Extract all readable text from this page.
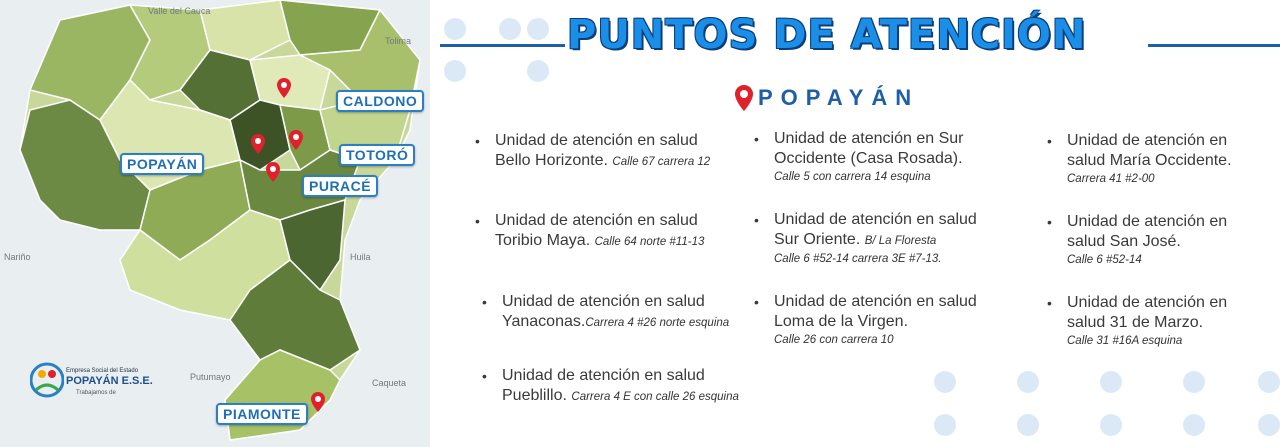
Valle del Cauca
Tolima
Nariño	Huila
Putumayo
Caqueta
CALDONO
POPAYÁN
TOTORÓ
PURACÉ
PIAMONTE
Empresa Social del Estado
POPAYÁN E.S.E.
Trabajamos de
PUNTOS DE ATENCIÓN
POPAYÁN
• Unidad de atención en salud
Bello Horizonte. Calle 67 carrera 12
• Unidad de atención en salud
Toribio Maya. Calle 64 norte #11-13
• Unidad de atención en salud
Yanaconas.Carrera 4 #26 norte esquina
• Unidad de atención en salud
Pueblillo. Carrera 4 E con calle 26 esquina
• Unidad de atención en Sur
Occidente (Casa Rosada).
Calle 5 con carrera 14 esquina
• Unidad de atención en salud
Sur Oriente. B/ La Floresta
Calle 6 #52-14 carrera 3E #7-13.
• Unidad de atención en salud
Loma de la Virgen.
Calle 26 con carrera 10
• Unidad de atención en
salud María Occidente.
Carrera 41 #2-00
• Unidad de atención en
salud San José.
Calle 6 #52-14
• Unidad de atención en
salud 31 de Marzo.
Calle 31 #16A esquina
